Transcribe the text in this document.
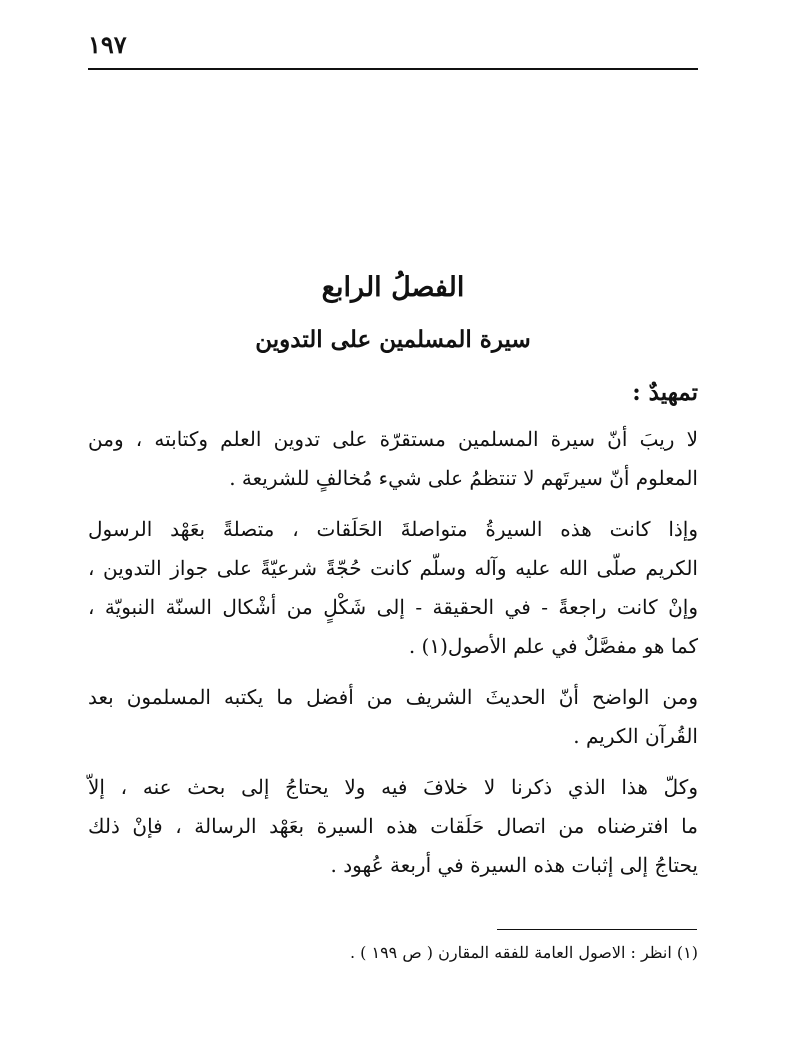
١٩٧

الفصلُ الرابع
سيرة المسلمين على التدوين
تمهيدٌ :

لا ريبَ أنّ سيرة المسلمين مستقرّة على تدوين العلم وكتابته ، ومن
المعلوم أنّ سيرتَهم لا تنتظمُ على شيء مُخالفٍ للشريعة .

وإذا كانت هذه السيرةُ متواصلةَ الحَلَقات ، متصلةً بعَهْد الرسول
الكريم صلّى الله عليه وآله وسلّم كانت حُجّةً شرعيّةً على جواز التدوين ،
وإنْ كانت راجعةً - في الحقيقة - إلى شَكْلٍ من أشْكال السنّة النبويّة ،
كما هو مفصَّلٌ في علم الأصول(١) .

ومن الواضح أنّ الحديثَ الشريف من أفضل ما يكتبه المسلمون بعد
القُرآن الكريم .

وكلّ هذا الذي ذكرنا لا خلافَ فيه ولا يحتاجُ إلى بحث عنه ، إلاّ
ما افترضناه من اتصال حَلَقات هذه السيرة بعَهْد الرسالة ، فإنْ ذلك
يحتاجُ إلى إثبات هذه السيرة في أربعة عُهود .

(١) انظر : الاصول العامة للفقه المقارن ( ص ١٩٩ ) .
